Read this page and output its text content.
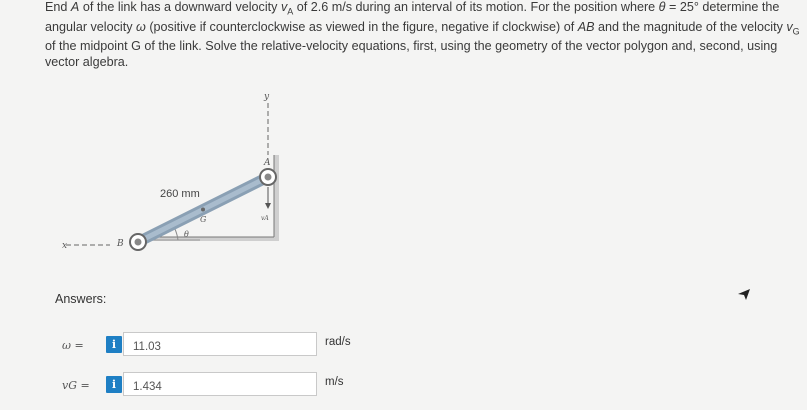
End A of the link has a downward velocity $v_A$ of 2.6 m/s during an interval of its motion. For the position where θ = 25° determine the angular velocity ω (positive if counterclockwise as viewed in the figure, negative if clockwise) of AB and the magnitude of the velocity $v_G$ of the midpoint G of the link. Solve the relative-velocity equations, first, using the geometry of the vector polygon and, second, using vector algebra.
x
y
θ
G
B
A
vA
260 mm
Answers:
ω =	i	11.03	rad/s
vG =	i	1.434	m/s
